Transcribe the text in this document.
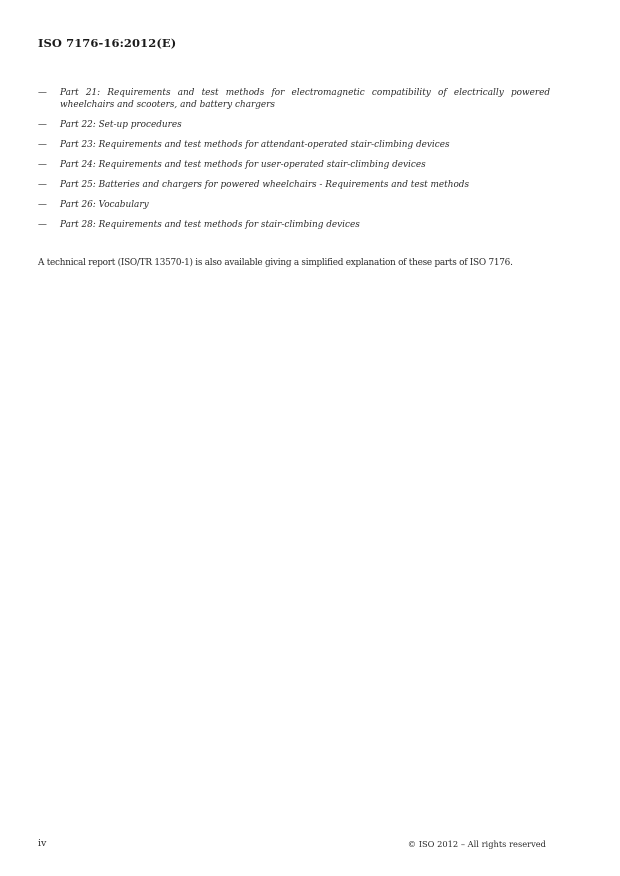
ISO 7176-16:2012(E)
— Part 21: Requirements and test methods for electromagnetic compatibility of electrically powered wheelchairs and scooters, and battery chargers
— Part 22: Set-up procedures
— Part 23: Requirements and test methods for attendant-operated stair-climbing devices
— Part 24: Requirements and test methods for user-operated stair-climbing devices
— Part 25: Batteries and chargers for powered wheelchairs - Requirements and test methods
— Part 26: Vocabulary
— Part 28: Requirements and test methods for stair-climbing devices

A technical report (ISO/TR 13570-1) is also available giving a simplified explanation of these parts of ISO 7176.

iv	© ISO 2012 – All rights reserved
